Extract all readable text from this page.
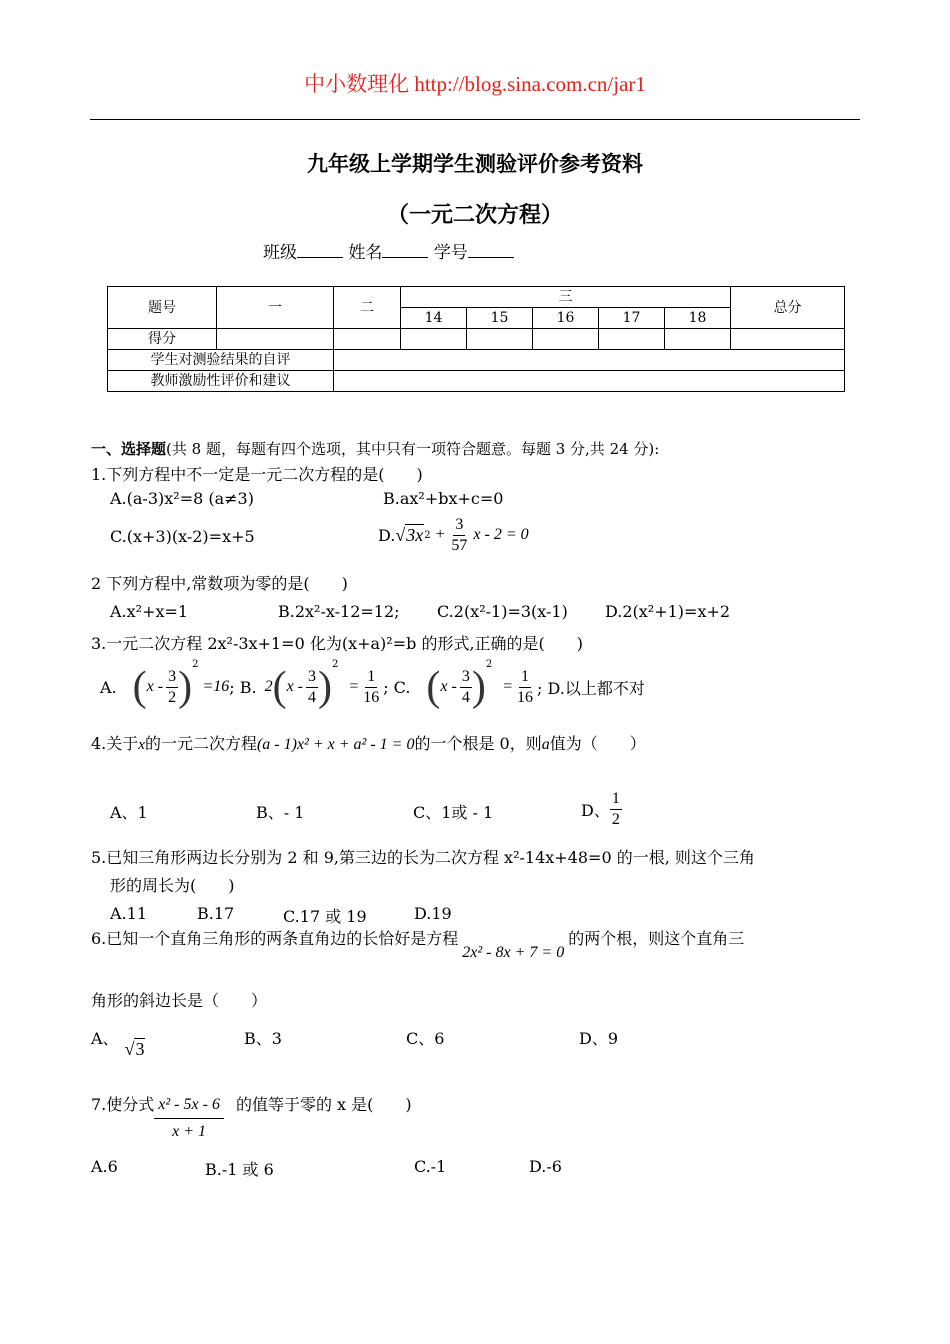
中小数理化 http://blog.sina.com.cn/jar1
九年级上学期学生测验评价参考资料
（一元二次方程）
班级	姓名	学号
题号	一	二	三					总分
			14	15	16	17	18	
得分								
学生对测验结果的自评								
教师激励性评价和建议								
一、选择题(共 8 题，每题有四个选项，其中只有一项符合题意。每题 3 分,共 24 分):
1.下列方程中不一定是一元二次方程的是(　　)
A.(a-3)x²=8 (a≠3)	B.ax²+bx+c=0
C.(x+3)(x-2)=x+5	D. √3x $2 + \frac{3}{57}$ x - 2 = 0
2 下列方程中,常数项为零的是(　　)
A.x²+x=1	B.2x²-x-12=12; C.2(x²-1)=3(x-1) D.2(x²+1)=x+2
3.一元二次方程 2x²-3x+1=0 化为(x+a)²=b 的形式,正确的是(　　)
A. ( x - $\frac{3}{2} )^2$
=16 ; B. 2 ( x - $\frac{3}{4} )^2$
= $\frac{1}{16}$ ; C. ( x - $\frac{3}{4} )^2$
= $\frac{1}{16}$ ; D.以上都不对
4.关于x的一元二次方程(a - 1)x² + x + a² - 1 = 0的一个根是 0，则a值为（　　）
A、1	B、- 1	C、1或 - 1	D、 $\frac{1}{2}$
5.已知三角形两边长分别为 2 和 9,第三边的长为二次方程 x²-14x+48=0 的一根, 则这个三角
形的周长为(　　)
A.11	B.17	C.17 或 19	D.19
6.已知一个直角三角形的两条直角边的长恰好是方程2x² - 8x + 7 = 0的两个根，则这个直角三
角形的斜边长是（　　）
A、√3
B、3	C、6	D、9
7.使分式 $\frac{\text{x² - 5x - 6}}{x + 1}$ 的值等于零的 x 是(　　)
A.6	B.-1 或 6	C.-1	D.-6
